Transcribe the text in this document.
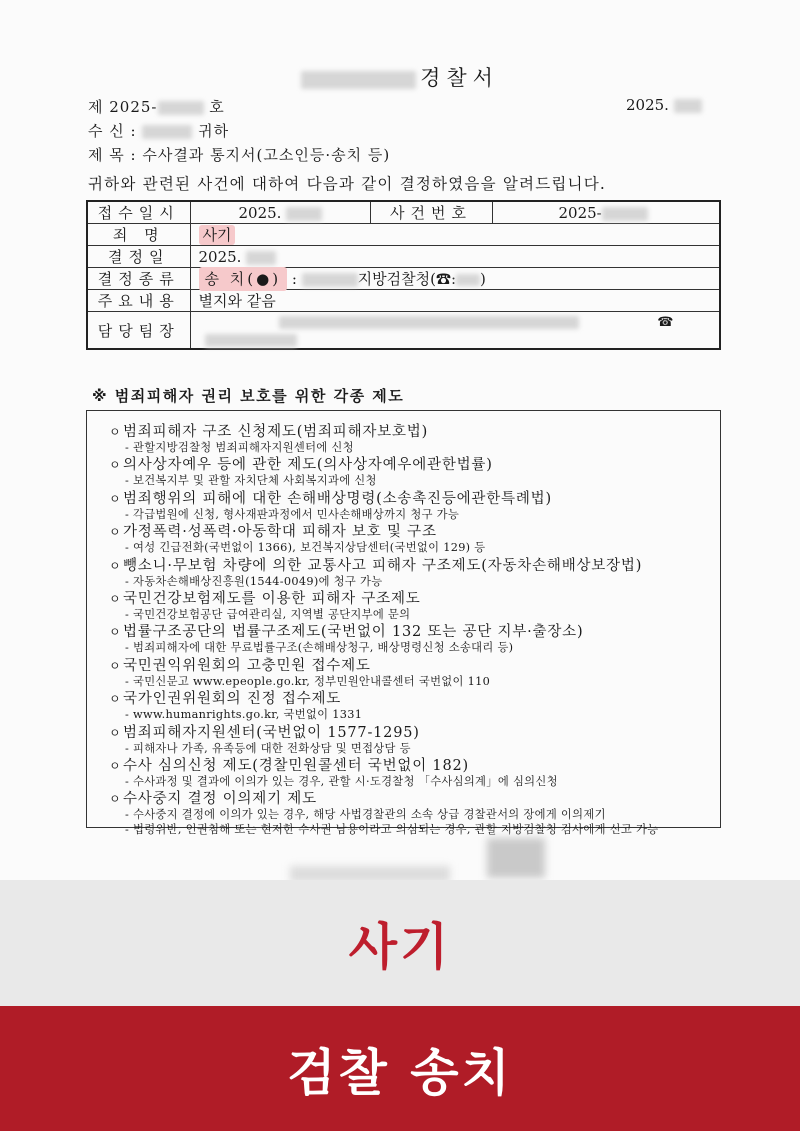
경찰서
제 2025-	호	2025.
수 신 :	귀하
제 목 : 수사결과 통지서(고소인등·송치 등)
귀하와 관련된 사건에 대하여 다음과 같이 결정하였음을 알려드립니다.
접수일시	2025.	사건번호	2025-
죄 명	사기		
결정일	2025.		
결정종류	송 치(●) : 지방검찰청(☎: )		
주요내용	별지와 같음		
담당팀장	☎		
※ 범죄피해자 권리 보호를 위한 각종 제도
ㅇ 범죄피해자 구조 신청제도(범죄피해자보호법)
- 관할지방검찰청 범죄피해자지원센터에 신청
ㅇ 의사상자예우 등에 관한 제도(의사상자예우에관한법률)
- 보건복지부 및 관할 자치단체 사회복지과에 신청
ㅇ 범죄행위의 피해에 대한 손해배상명령(소송촉진등에관한특례법)
- 각급법원에 신청, 형사재판과정에서 민사손해배상까지 청구 가능
ㅇ 가정폭력·성폭력·아동학대 피해자 보호 및 구조
- 여성 긴급전화(국번없이 1366), 보건복지상담센터(국번없이 129) 등
ㅇ 뺑소니·무보험 차량에 의한 교통사고 피해자 구조제도(자동차손해배상보장법)
- 자동차손해배상진흥원(1544-0049)에 청구 가능
ㅇ 국민건강보험제도를 이용한 피해자 구조제도
- 국민건강보험공단 급여관리실, 지역별 공단지부에 문의
ㅇ 법률구조공단의 법률구조제도(국번없이 132 또는 공단 지부·출장소)
- 범죄피해자에 대한 무료법률구조(손해배상청구, 배상명령신청 소송대리 등)
ㅇ 국민권익위원회의 고충민원 접수제도
- 국민신문고 www.epeople.go.kr, 정부민원안내콜센터 국번없이 110
ㅇ 국가인권위원회의 진정 접수제도
- www.humanrights.go.kr, 국번없이 1331
ㅇ 범죄피해자지원센터(국번없이 1577-1295)
- 피해자나 가족, 유족등에 대한 전화상담 및 면접상담 등
ㅇ 수사 심의신청 제도(경찰민원콜센터 국번없이 182)
- 수사과정 및 결과에 이의가 있는 경우, 관할 시·도경찰청 「수사심의계」에 심의신청
ㅇ 수사중지 결정 이의제기 제도
- 수사중지 결정에 이의가 있는 경우, 해당 사법경찰관의 소속 상급 경찰관서의 장에게 이의제기
- 법령위반, 인권침해 또는 현저한 수사권 남용이라고 의심되는 경우, 관할 지방검찰청 검사에게 신고 가능
사기
검찰 송치
